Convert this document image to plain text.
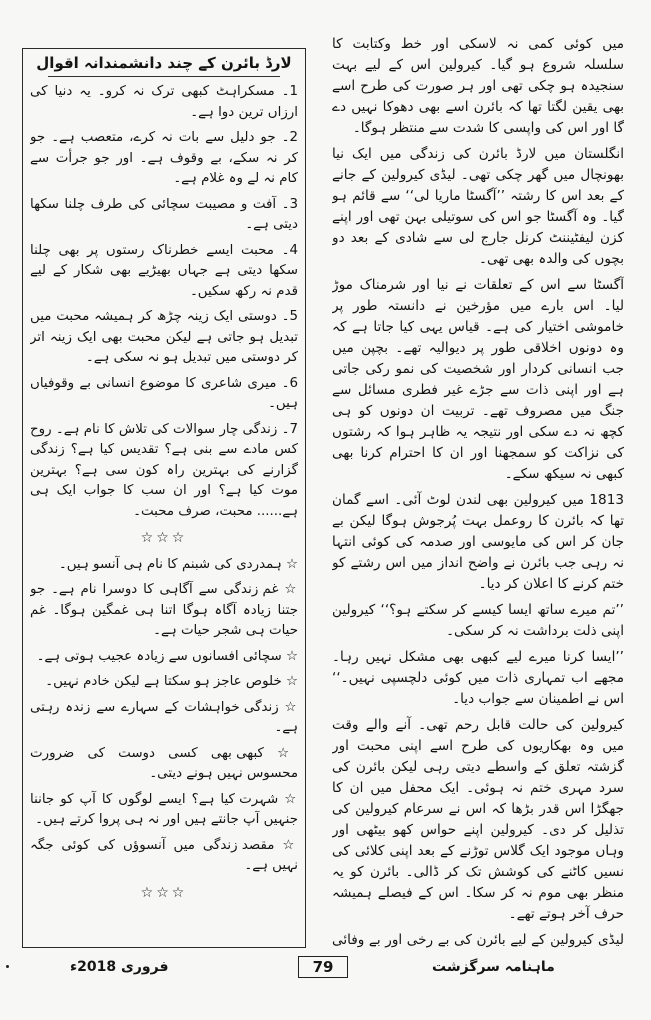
میں کوئی کمی نہ لاسکی اور خط وکتابت کا سلسلہ شروع ہو گیا۔ کیرولین اس کے لیے بہت سنجیدہ ہو چکی تھی اور ہر صورت کی طرح اسے بھی یقین لگتا تھا کہ بائرن اسے بھی دھوکا نہیں دے گا اور اس کی واپسی کا شدت سے منتظر ہوگا۔

انگلستان میں لارڈ بائرن کی زندگی میں ایک نیا بھونچال میں گھر چکی تھی۔ لیڈی کیرولین کے جانے کے بعد اس کا رشتہ ’’آگسٹا ماریا لی‘‘ سے قائم ہو گیا۔ وہ آگسٹا جو اس کی سوتیلی بہن تھی اور اپنے کزن لیفٹیننٹ کرنل جارج لی سے شادی کے بعد دو بچوں کی والدہ بھی تھی۔

آگسٹا سے اس کے تعلقات نے نیا اور شرمناک موڑ لیا۔ اس بارے میں مؤرخین نے دانستہ طور پر خاموشی اختیار کی ہے۔ قیاس یہی کیا جاتا ہے کہ وہ دونوں اخلاقی طور پر دیوالیہ تھے۔ بچپن میں جب انسانی کردار اور شخصیت کی نمو رکی جاتی ہے اور اپنی ذات سے جڑے غیر فطری مسائل سے جنگ میں مصروف تھے۔ تربیت ان دونوں کو ہی کچھ نہ دے سکی اور نتیجہ یہ ظاہر ہوا کہ رشتوں کی نزاکت کو سمجھنا اور ان کا احترام کرنا بھی کبھی نہ سیکھ سکے۔

1813 میں کیرولین بھی لندن لوٹ آئی۔ اسے گمان تھا کہ بائرن کا روعمل بہت پُرجوش ہوگا لیکن بے جان کر اس کی مایوسی اور صدمہ کی کوئی انتہا نہ رہی جب بائرن نے واضح انداز میں اس رشتے کو ختم کرنے کا اعلان کر دیا۔

’’تم میرے ساتھ ایسا کیسے کر سکتے ہو؟‘‘ کیرولین اپنی ذلت برداشت نہ کر سکی۔

’’ایسا کرنا میرے لیے کبھی بھی مشکل نہیں رہا۔ مجھے اب تمہاری ذات میں کوئی دلچسپی نہیں۔‘‘ اس نے اطمینان سے جواب دیا۔

کیرولین کی حالت قابل رحم تھی۔ آنے والے وقت میں وہ بھکاریوں کی طرح اسے اپنی محبت اور گزشتہ تعلق کے واسطے دیتی رہی لیکن بائرن کی سرد مہری ختم نہ ہوئی۔ ایک محفل میں ان کا جھگڑا اس قدر بڑھا کہ اس نے سرعام کیرولین کی تذلیل کر دی۔ کیرولین اپنے حواس کھو بیٹھی اور وہاں موجود ایک گلاس توڑنے کے بعد اپنی کلائی کی نسیں کاٹنے کی کوشش تک کر ڈالی۔ بائرن کو یہ منظر بھی موم نہ کر سکا۔ اس کے فیصلے ہمیشہ حرف آخر ہوتے تھے۔

لیڈی کیرولین کے لیے بائرن کی بے رخی اور بے وفائی

لارڈ بائرن کے چند دانشمندانہ اقوال

1۔ مسکراہٹ کبھی ترک نہ کرو۔ یہ دنیا کی ارزاں ترین دوا ہے۔

2۔ جو دلیل سے بات نہ کرے، متعصب ہے۔ جو کر نہ سکے، بے وقوف ہے۔ اور جو جرأت سے کام نہ لے وہ غلام ہے۔

3۔ آفت و مصیبت سچائی کی طرف چلنا سکھا دیتی ہے۔

4۔ محبت ایسے خطرناک رستوں پر بھی چلنا سکھا دیتی ہے جہاں بھیڑیے بھی شکار کے لیے قدم نہ رکھ سکیں۔

5۔ دوستی ایک زینہ چڑھ کر ہمیشہ محبت میں تبدیل ہو جاتی ہے لیکن محبت بھی ایک زینہ اتر کر دوستی میں تبدیل ہو نہ سکی ہے۔

6۔ میری شاعری کا موضوع انسانی بے وقوفیاں ہیں۔

7۔ زندگی چار سوالات کی تلاش کا نام ہے۔ روح کس مادے سے بنی ہے؟ تقدیس کیا ہے؟ زندگی گزارنے کی بہترین راہ کون سی ہے؟ بہترین موت کیا ہے؟ اور ان سب کا جواب ایک ہی ہے...... محبت، صرف محبت۔

☆☆☆

☆ ہمدردی کی شبنم کا نام ہی آنسو ہیں۔

☆ غم زندگی سے آگاہی کا دوسرا نام ہے۔ جو جتنا زیادہ آگاہ ہوگا اتنا ہی غمگین ہوگا۔ غم حیات ہی شجر حیات ہے۔

☆ سچائی افسانوں سے زیادہ عجیب ہوتی ہے۔

☆ خلوص عاجز ہو سکتا ہے لیکن خادم نہیں۔

☆ زندگی خواہشات کے سہارے سے زندہ رہتی ہے۔

☆ کبھی بھی کسی دوست کی ضرورت محسوس نہیں ہونے دیتی۔

☆ شہرت کیا ہے؟ ایسے لوگوں کا آپ کو جاننا جنہیں آپ جانتے ہیں اور نہ ہی پروا کرتے ہیں۔

☆ مقصد زندگی میں آنسوؤں کی کوئی جگہ نہیں ہے۔

☆☆☆
فروری 2018ء	79	ماہنامہ سرگزشت
